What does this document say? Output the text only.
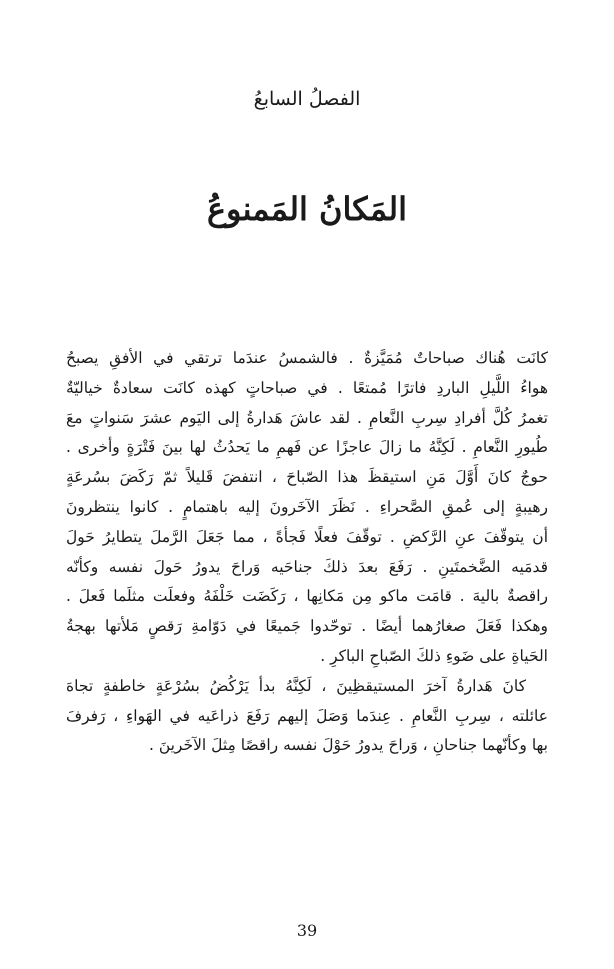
الفصلُ السابعُ
المَكانُ المَمنوعُ
كانَت هُناك صباحاتٌ مُمَيَّزةٌ . فالشمسُ عندَما ترتقي في الأفقِ يصبحُ
هواءُ اللَّيلِ الباردِ فاترًا مُمتعًا . في صباحاتٍ كهذه كانَت سعادةٌ خياليّةٌ
تغمرُ كُلَّ أفرادِ سِربِ النَّعامِ . لقد عاشَ هَدارةُ إلى اليَوم عشرَ سَنواتٍ معَ
طُيورِ النَّعامِ . لَكِنَّهُ ما زالَ عاجزًا عن فَهمِ ما يَحدُثُ لها بينَ فَتْرَةٍ وأخرى .
حوجٌ كانَ أَوَّلَ مَنِ استيقظَ هذا الصّباحَ ، انتفضَ قَليلاً ثمّ رَكَضَ بسُرعَةٍ
رهيبةٍ إلى عُمقِ الصَّحراءِ . نَظَرَ الآخَرونَ إليه باهتمامٍ . كانوا ينتظرونَ
أن يتوقّفَ عنِ الرَّكضِ . توقّفَ فعلًا فَجأةً ، مما جَعَلَ الرَّملَ يتطايرُ حَولَ
قدمَيه الضَّخمتَينِ . رَفَعَ بعدَ ذلكَ جناحَيه وَراحَ يدورُ حَولَ نفسه وكأنّه
راقصةٌ باليهَ . قامَت ماكو مِن مَكانِها ، رَكَضَت خَلْفَهُ وفعلَت مثلَما فَعلَ .
وهكذا فَعَلَ صغارُهما أيضًا . توحّدوا جَميعًا في دَوّامةِ رَقصٍ مَلأتها بهجةُ
الحَياةِ على ضَوءِ ذلكَ الصّباحِ الباكرِ .
كانَ هَدارةُ آخرَ المستيقظِينَ ، لَكِنَّهُ بدأ يَرْكُضُ بسُرْعَةٍ خاطفةٍ تجاهَ
عائلته ، سِربِ النَّعامِ . عِندَما وَصَلَ إليهم رَفَعَ ذراعَيه في الهَواءِ ، رَفرفَ
بها وكأنّهما جناحانِ ، وَراحَ يدورُ حَوْلَ نفسه راقصًا مِثلَ الآخَرينَ .
39
